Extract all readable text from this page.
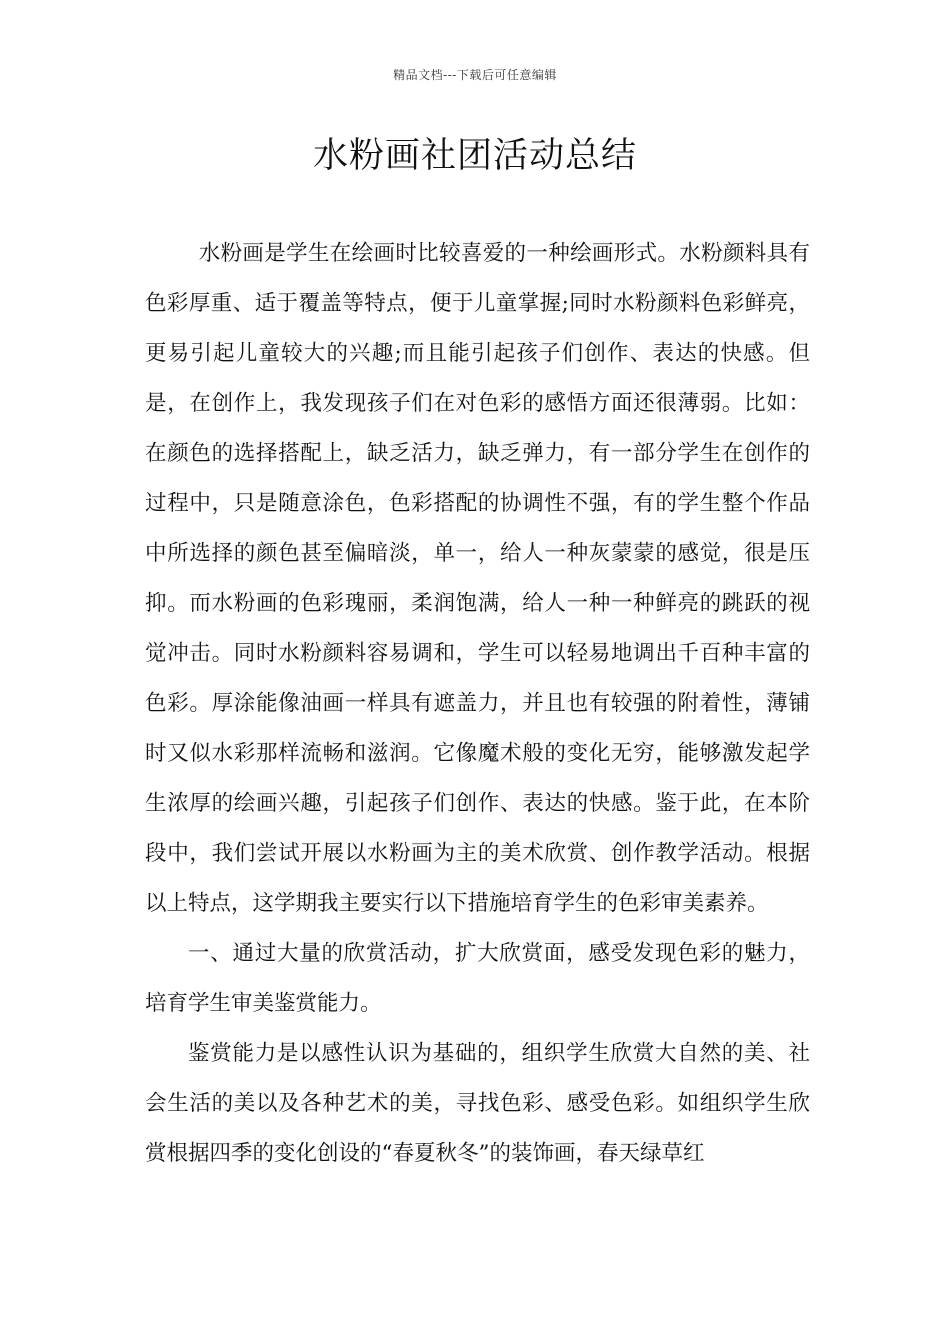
精品文档---下载后可任意编辑
水粉画社团活动总结

水粉画是学生在绘画时比较喜爱的一种绘画形式。水粉颜料具有色彩厚重、适于覆盖等特点，便于儿童掌握;同时水粉颜料色彩鲜亮，更易引起儿童较大的兴趣;而且能引起孩子们创作、表达的快感。但是，在创作上，我发现孩子们在对色彩的感悟方面还很薄弱。比如：在颜色的选择搭配上，缺乏活力，缺乏弹力，有一部分学生在创作的过程中，只是随意涂色，色彩搭配的协调性不强，有的学生整个作品中所选择的颜色甚至偏暗淡，单一，给人一种灰蒙蒙的感觉，很是压抑。而水粉画的色彩瑰丽，柔润饱满，给人一种一种鲜亮的跳跃的视觉冲击。同时水粉颜料容易调和，学生可以轻易地调出千百种丰富的色彩。厚涂能像油画一样具有遮盖力，并且也有较强的附着性，薄铺时又似水彩那样流畅和滋润。它像魔术般的变化无穷，能够激发起学生浓厚的绘画兴趣，引起孩子们创作、表达的快感。鉴于此，在本阶段中，我们尝试开展以水粉画为主的美术欣赏、创作教学活动。根据以上特点，这学期我主要实行以下措施培育学生的色彩审美素养。

一、通过大量的欣赏活动，扩大欣赏面，感受发现色彩的魅力，培育学生审美鉴赏能力。

鉴赏能力是以感性认识为基础的，组织学生欣赏大自然的美、社会生活的美以及各种艺术的美，寻找色彩、感受色彩。如组织学生欣赏根据四季的变化创设的“春夏秋冬”的装饰画，春天绿草红
